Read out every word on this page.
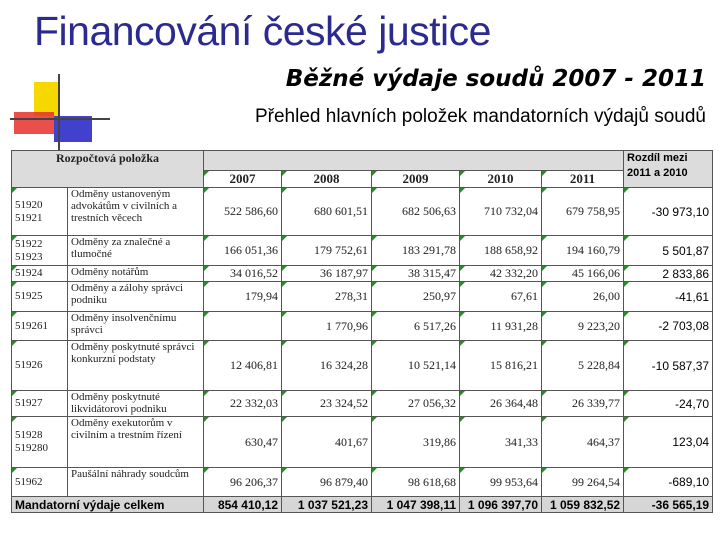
Financování české justice
Běžné výdaje soudů 2007 - 2011
Přehled hlavních položek mandatorních výdajů soudů
Rozpočtová položka							Rozdíl mezi 2011 a 2010
		2007	2008	2009	2010	2011	
51920 51921	Odměny ustanoveným advokátům v civilních a trestních věcech	522 586,60	680 601,51	682 506,63	710 732,04	679 758,95	-30 973,10
51922 51923	Odměny za znalečné a tlumočné	166 051,36	179 752,61	183 291,78	188 658,92	194 160,79	5 501,87
51924	Odměny notářům	34 016,52	36 187,97	38 315,47	42 332,20	45 166,06	2 833,86
51925	Odměny a zálohy správci podniku	179,94	278,31	250,97	67,61	26,00	-41,61
519261	Odměny insolvenčnímu správci		1 770,96	6 517,26	11 931,28	9 223,20	-2 703,08
51926	Odměny poskytnuté správci konkurzní podstaty	12 406,81	16 324,28	10 521,14	15 816,21	5 228,84	-10 587,37
51927	Odměny poskytnuté likvidátorovi podniku	22 332,03	23 324,52	27 056,32	26 364,48	26 339,77	-24,70
51928 519280	Odměny exekutorům v civilním a trestním řízení	630,47	401,67	319,86	341,33	464,37	123,04
51962	Paušální náhrady soudcům	96 206,37	96 879,40	98 618,68	99 953,64	99 264,54	-689,10
Mandatorní výdaje celkem		854 410,12	1 037 521,23	1 047 398,11	1 096 397,70	1 059 832,52	-36 565,19
